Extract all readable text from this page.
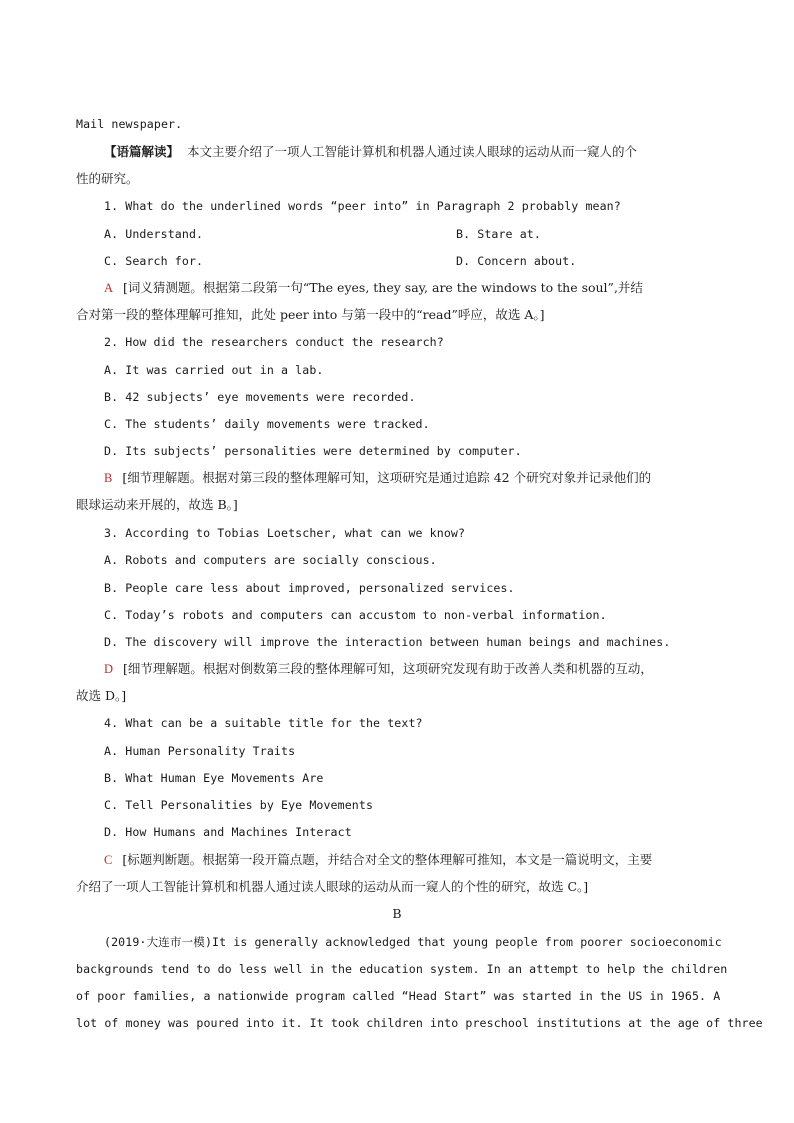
Mail newspaper.
【语篇解读】 本文主要介绍了一项人工智能计算机和机器人通过读人眼球的运动从而一窥人的个
性的研究。
1. What do the underlined words “peer into” in Paragraph 2 probably mean?
A. Understand.	B. Stare at.
C. Search for.	D. Concern about.
A [词义猜测题。根据第二段第一句“The eyes, they say, are the windows to the soul”,并结
合对第一段的整体理解可推知，此处 peer into 与第一段中的“read”呼应，故选 A。]
2. How did the researchers conduct the research?
A. It was carried out in a lab.
B. 42 subjects’ eye movements were recorded.
C. The students’ daily movements were tracked.
D. Its subjects’ personalities were determined by computer.
B [细节理解题。根据对第三段的整体理解可知，这项研究是通过追踪 42 个研究对象并记录他们的
眼球运动来开展的，故选 B。]
3. According to Tobias Loetscher, what can we know?
A. Robots and computers are socially conscious.
B. People care less about improved, personalized services.
C. Today’s robots and computers can accustom to non-verbal information.
D. The discovery will improve the interaction between human beings and machines.
D [细节理解题。根据对倒数第三段的整体理解可知，这项研究发现有助于改善人类和机器的互动，
故选 D。]
4. What can be a suitable title for the text?
A. Human Personality Traits
B. What Human Eye Movements Are
C. Tell Personalities by Eye Movements
D. How Humans and Machines Interact
C [标题判断题。根据第一段开篇点题，并结合对全文的整体理解可推知，本文是一篇说明文，主要
介绍了一项人工智能计算机和机器人通过读人眼球的运动从而一窥人的个性的研究，故选 C。]
B
(2019·大连市一模)It is generally acknowledged that young people from poorer socioeconomic
backgrounds tend to do less well in the education system. In an attempt to help the children
of poor families, a nationwide program called “Head Start” was started in the US in 1965. A
lot of money was poured into it. It took children into preschool institutions at the age of three
